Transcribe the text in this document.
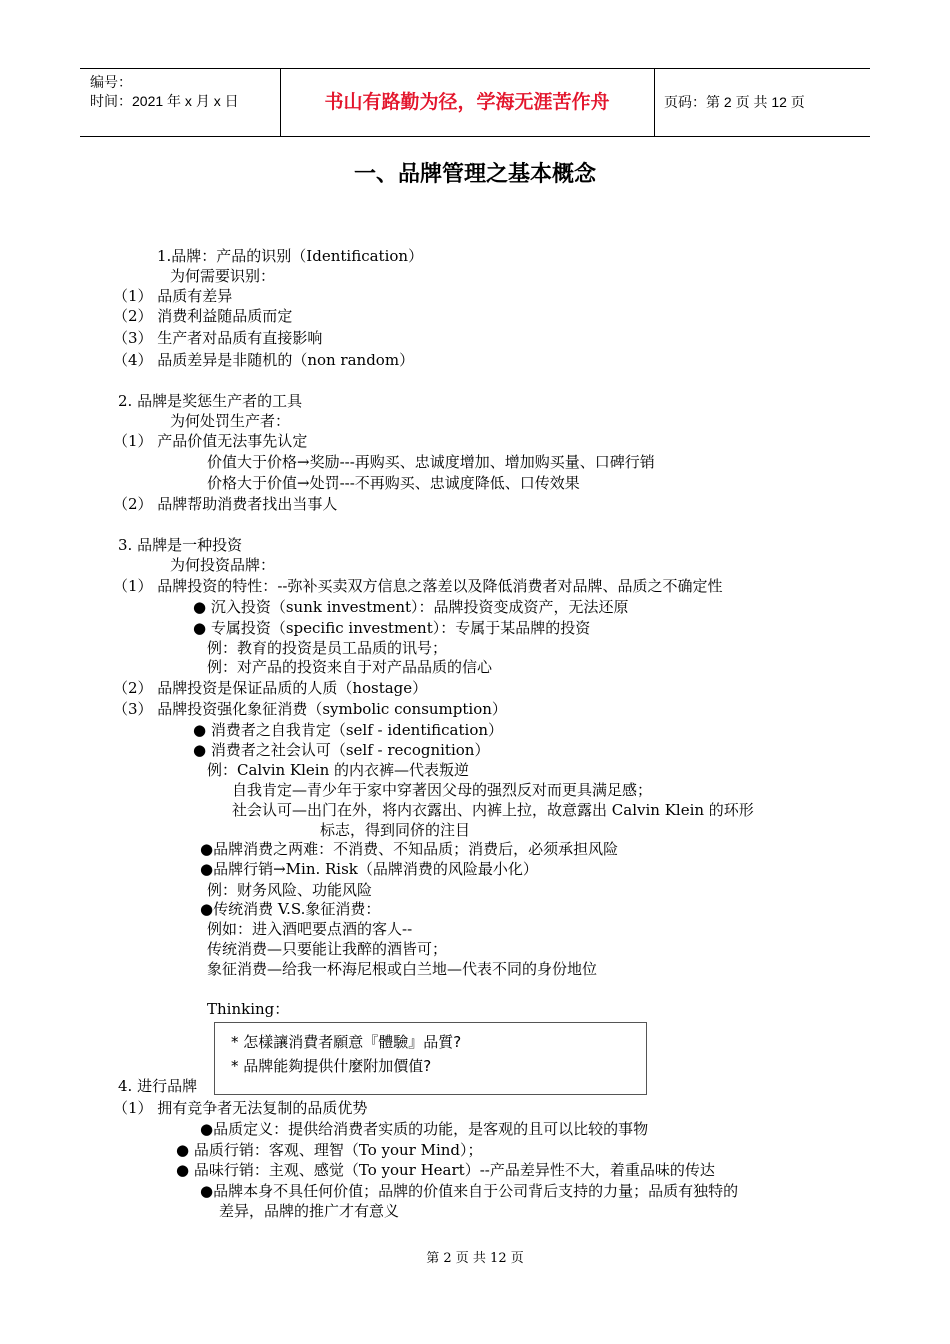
编号：
时间：2021 年 x 月 x 日	书山有路勤为径，学海无涯苦作舟	页码：第 2 页 共 12 页
一、品牌管理之基本概念
1.品牌：产品的识别（Identification）
为何需要识别：
（1） 品质有差异
（2） 消费利益随品质而定
（3） 生产者对品质有直接影响
（4） 品质差异是非随机的（non random）
2. 品牌是奖惩生产者的工具
为何处罚生产者：
（1） 产品价值无法事先认定
价值大于价格→奖励---再购买、忠诚度增加、增加购买量、口碑行销
价格大于价值→处罚---不再购买、忠诚度降低、口传效果
（2） 品牌帮助消费者找出当事人
3. 品牌是一种投资
为何投资品牌：
（1） 品牌投资的特性：--弥补买卖双方信息之落差以及降低消费者对品牌、品质之不确定性
● 沉入投资（sunk investment）：品牌投资变成资产，无法还原
● 专属投资（specific investment）：专属于某品牌的投资
例：教育的投资是员工品质的讯号；
例：对产品的投资来自于对产品品质的信心
（2） 品牌投资是保证品质的人质（hostage）
（3） 品牌投资强化象征消费（symbolic consumption）
● 消费者之自我肯定（self - identification）
● 消费者之社会认可（self - recognition）
例：Calvin Klein 的内衣裤—代表叛逆
自我肯定—青少年于家中穿著因父母的强烈反对而更具满足感；
社会认可—出门在外，将内衣露出、内裤上拉，故意露出 Calvin Klein 的环形
标志，得到同侪的注目
●品牌消费之两难：不消费、不知品质；消费后，必须承担风险
●品牌行销→Min. Risk（品牌消费的风险最小化）
例：财务风险、功能风险
●传统消费 V.S.象征消费：
例如：进入酒吧要点酒的客人--
传统消费—只要能让我醉的酒皆可；
象征消费—给我一杯海尼根或白兰地—代表不同的身份地位
Thinking：
4. 进行品牌
* 怎樣讓消費者願意『體驗』品質?
* 品牌能夠提供什麼附加價值?
（1） 拥有竞争者无法复制的品质优势
●品质定义：提供给消费者实质的功能，是客观的且可以比较的事物
● 品质行销：客观、理智（To your Mind）；
● 品味行销：主观、感觉（To your Heart）--产品差异性不大，着重品味的传达
●品牌本身不具任何价值；品牌的价值来自于公司背后支持的力量；品质有独特的
差异，品牌的推广才有意义
第 2 页 共 12 页
